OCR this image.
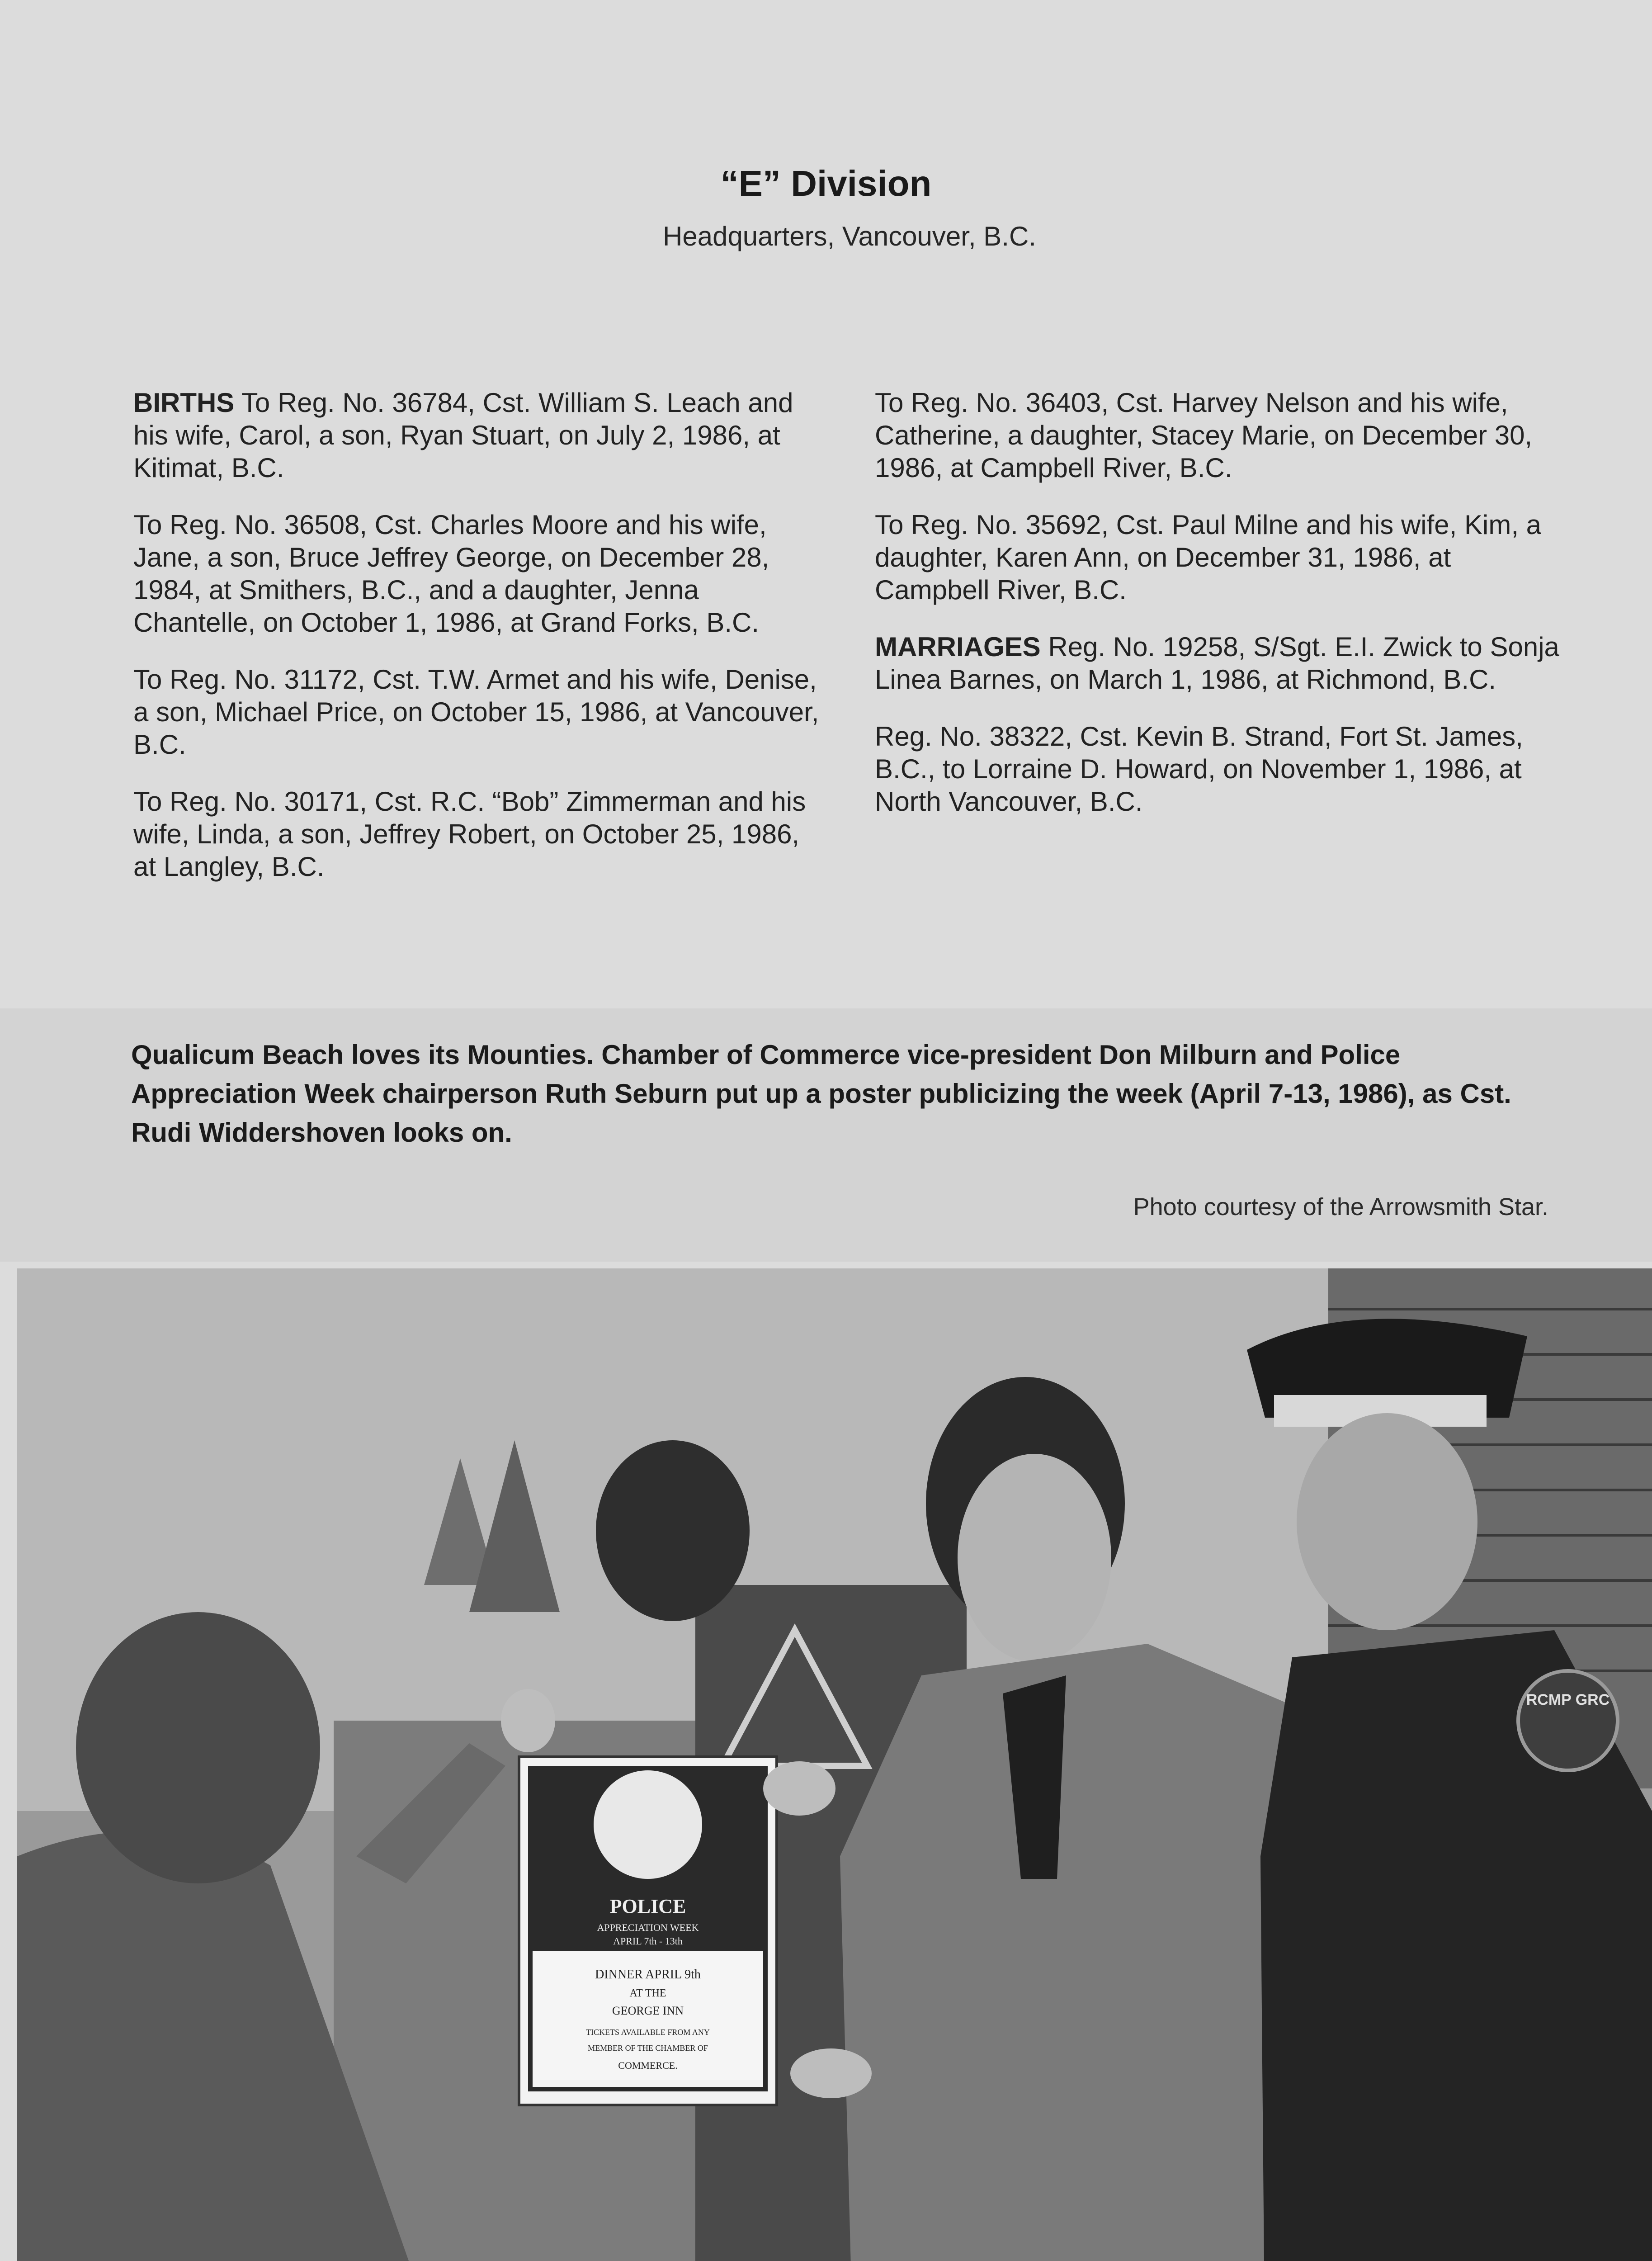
“E” Division
Headquarters, Vancouver, B.C.

BIRTHS To Reg. No. 36784, Cst. William S. Leach and his wife, Carol, a son, Ryan Stuart, on July 2, 1986, at Kitimat, B.C.

To Reg. No. 36508, Cst. Charles Moore and his wife, Jane, a son, Bruce Jeffrey George, on December 28, 1984, at Smithers, B.C., and a daughter, Jenna Chantelle, on October 1, 1986, at Grand Forks, B.C.

To Reg. No. 31172, Cst. T.W. Armet and his wife, Denise, a son, Michael Price, on October 15, 1986, at Vancouver, B.C.

To Reg. No. 30171, Cst. R.C. “Bob” Zimmerman and his wife, Linda, a son, Jeffrey Robert, on October 25, 1986, at Langley, B.C.

To Reg. No. 36403, Cst. Harvey Nelson and his wife, Catherine, a daughter, Stacey Marie, on December 30, 1986, at Campbell River, B.C.

To Reg. No. 35692, Cst. Paul Milne and his wife, Kim, a daughter, Karen Ann, on December 31, 1986, at Campbell River, B.C.

MARRIAGES Reg. No. 19258, S/Sgt. E.I. Zwick to Sonja Linea Barnes, on March 1, 1986, at Richmond, B.C.

Reg. No. 38322, Cst. Kevin B. Strand, Fort St. James, B.C., to Lorraine D. Howard, on November 1, 1986, at North Vancouver, B.C.

Qualicum Beach loves its Mounties. Chamber of Commerce vice-president Don Milburn and Police Appreciation Week chairperson Ruth Seburn put up a poster publicizing the week (April 7-13, 1986), as Cst. Rudi Widdershoven looks on.
Photo courtesy of the Arrowsmith Star.
RCMP GRC
POLICE
APPRECIATION WEEK
APRIL 7th - 13th
DINNER APRIL 9th
AT THE
GEORGE INN
TICKETS AVAILABLE FROM ANY
MEMBER OF THE CHAMBER OF
COMMERCE.
